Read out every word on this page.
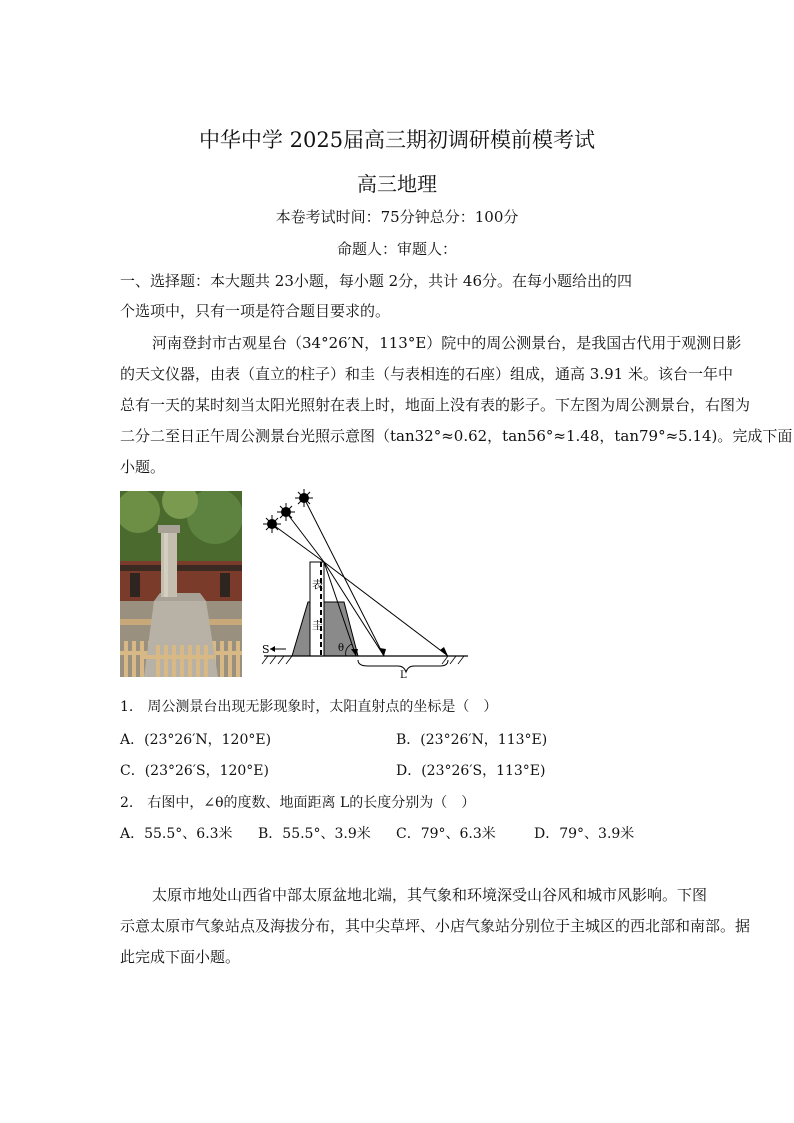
中华中学 2025届高三期初调研模前模考试
高三地理
本卷考试时间：75分钟总分：100分
命题人：审题人：
一、选择题：本大题共 23小题，每小题 2分，共计 46分。在每小题给出的四
个选项中，只有一项是符合题目要求的。
河南登封市古观星台（34°26′N，113°E）院中的周公测景台，是我国古代用于观测日影
的天文仪器，由表（直立的柱子）和圭（与表相连的石座）组成，通高 3.91 米。该台一年中
总有一天的某时刻当太阳光照射在表上时，地面上没有表的影子。下左图为周公测景台，右图为
二分二至日正午周公测景台光照示意图（tan32°≈0.62，tan56°≈1.48，tan79°≈5.14)。完成下面
小题。
表
圭
S	θ
L
1.　周公测景台出现无影现象时，太阳直射点的坐标是（　）
A．(23°26′N，120°E)	B．(23°26′N，113°E)
C．(23°26′S，120°E)	D．(23°26′S，113°E)
2.　右图中，∠θ的度数、地面距离 L的长度分别为（　）
A．55.5°、6.3米 B．55.5°、3.9米 C．79°、6.3米	D．79°、3.9米
太原市地处山西省中部太原盆地北端，其气象和环境深受山谷风和城市风影响。下图
示意太原市气象站点及海拔分布，其中尖草坪、小店气象站分别位于主城区的西北部和南部。据
此完成下面小题。
